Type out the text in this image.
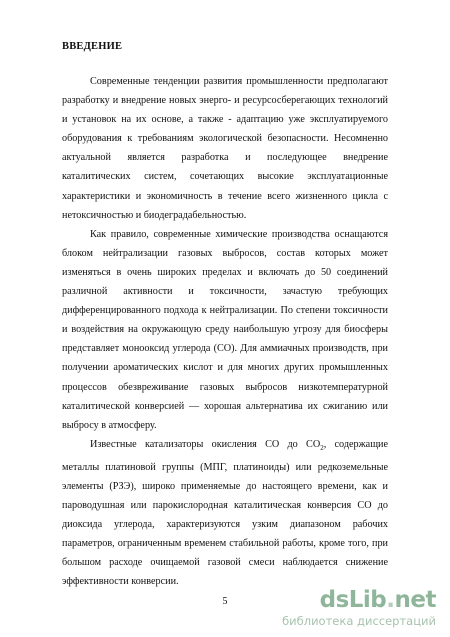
ВВЕДЕНИЕ

Современные тенденции развития промышленности предполагают разработку и внедрение новых энерго- и ресурсосберегающих технологий и установок на их основе, а также - адаптацию уже эксплуатируемого оборудования к требованиям экологической безопасности. Несомненно актуальной является разработка и последующее внедрение каталитических систем, сочетающих высокие эксплуатационные характеристики и экономичность в течение всего жизненного цикла с нетоксичностью и биодеградабельностью.

Как правило, современные химические производства оснащаются блоком нейтрализации газовых выбросов, состав которых может изменяться в очень широких пределах и включать до 50 соединений различной активности и токсичности, зачастую требующих дифференцированного подхода к нейтрализации. По степени токсичности и воздействия на окружающую среду наибольшую угрозу для биосферы представляет монооксид углерода (СО). Для аммиачных производств, при получении ароматических кислот и для многих других промышленных процессов обезвреживание газовых выбросов низкотемпературной каталитической конверсией — хорошая альтернатива их сжиганию или выбросу в атмосферу.

Известные катализаторы окисления СО до $СО_2$, содержащие металлы платиновой группы (МПГ, платиноиды) или редкоземельные элементы (РЗЭ), широко применяемые до настоящего времени, как и пароводушная или парокислородная каталитическая конверсия СО до диоксида углерода, характеризуются узким диапазоном рабочих параметров, ограниченным временем стабильной работы, кроме того, при большом расходе очищаемой газовой смеси наблюдается снижение эффективности конверсии.

5	dsLib.net
библиотека диссертаций
